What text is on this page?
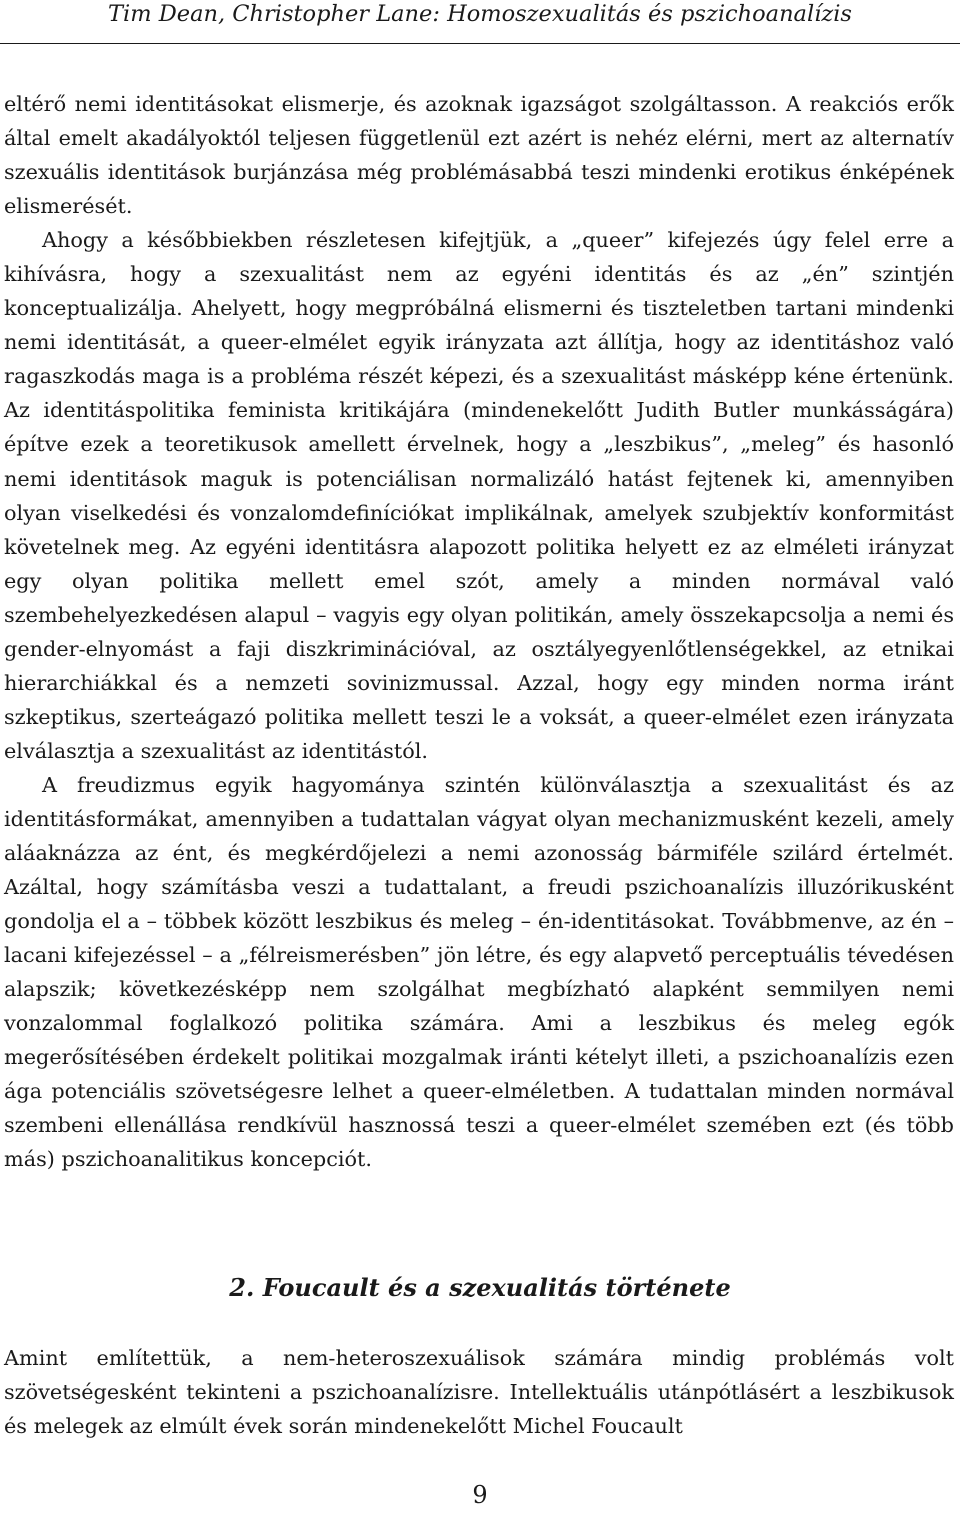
Tim Dean, Christopher Lane: Homoszexualitás és pszichoanalízis

eltérő nemi identitásokat elismerje, és azoknak igazságot szolgáltasson. A reakciós erők által emelt akadályoktól teljesen függetlenül ezt azért is nehéz elérni, mert az alternatív szexuális identitások burjánzása még problémásabbá teszi mindenki erotikus énképének elismerését.

Ahogy a későbbiekben részletesen kifejtjük, a „queer” kifejezés úgy felel erre a kihívásra, hogy a szexualitást nem az egyéni identitás és az „én” szintjén konceptualizálja. Ahelyett, hogy megpróbálná elismerni és tiszteletben tartani mindenki nemi identitását, a queer-elmélet egyik irányzata azt állítja, hogy az identitáshoz való ragaszkodás maga is a probléma részét képezi, és a szexualitást másképp kéne értenünk. Az identitáspolitika feminista kritikájára (mindenekelőtt Judith Butler munkásságára) építve ezek a teoretikusok amellett érvelnek, hogy a „leszbikus”, „meleg” és hasonló nemi identitások maguk is potenciálisan normalizáló hatást fejtenek ki, amennyiben olyan viselkedési és vonzalomdefiníciókat implikálnak, amelyek szubjektív konformitást követelnek meg. Az egyéni identitásra alapozott politika helyett ez az elméleti irányzat egy olyan politika mellett emel szót, amely a minden normával való szembehelyezkedésen alapul – vagyis egy olyan politikán, amely összekapcsolja a nemi és gender-elnyomást a faji diszkriminációval, az osztályegyenlőtlenségekkel, az etnikai hierarchiákkal és a nemzeti sovinizmussal. Azzal, hogy egy minden norma iránt szkeptikus, szerteágazó politika mellett teszi le a voksát, a queer-elmélet ezen irányzata elválasztja a szexualitást az identitástól.

A freudizmus egyik hagyománya szintén különválasztja a szexualitást és az identitásformákat, amennyiben a tudattalan vágyat olyan mechanizmusként kezeli, amely aláaknázza az ént, és megkérdőjelezi a nemi azonosság bármiféle szilárd értelmét. Azáltal, hogy számításba veszi a tudattalant, a freudi pszichoanalízis illuzórikusként gondolja el a – többek között leszbikus és meleg – én-identitásokat. Továbbmenve, az én – lacani kifejezéssel – a „félreismerésben” jön létre, és egy alapvető perceptuális tévedésen alapszik; következésképp nem szolgálhat megbízható alapként semmilyen nemi vonzalommal foglalkozó politika számára. Ami a leszbikus és meleg egók megerősítésében érdekelt politikai mozgalmak iránti kételyt illeti, a pszichoanalízis ezen ága potenciális szövetségesre lelhet a queer-elméletben. A tudattalan minden normával szembeni ellenállása rendkívül hasznossá teszi a queer-elmélet szemében ezt (és több más) pszichoanalitikus koncepciót.

2. Foucault és a szexualitás története

Amint említettük, a nem-heteroszexuálisok számára mindig problémás volt szövetségesként tekinteni a pszichoanalízisre. Intellektuális utánpótlásért a leszbikusok és melegek az elmúlt évek során mindenekelőtt Michel Foucault

9
